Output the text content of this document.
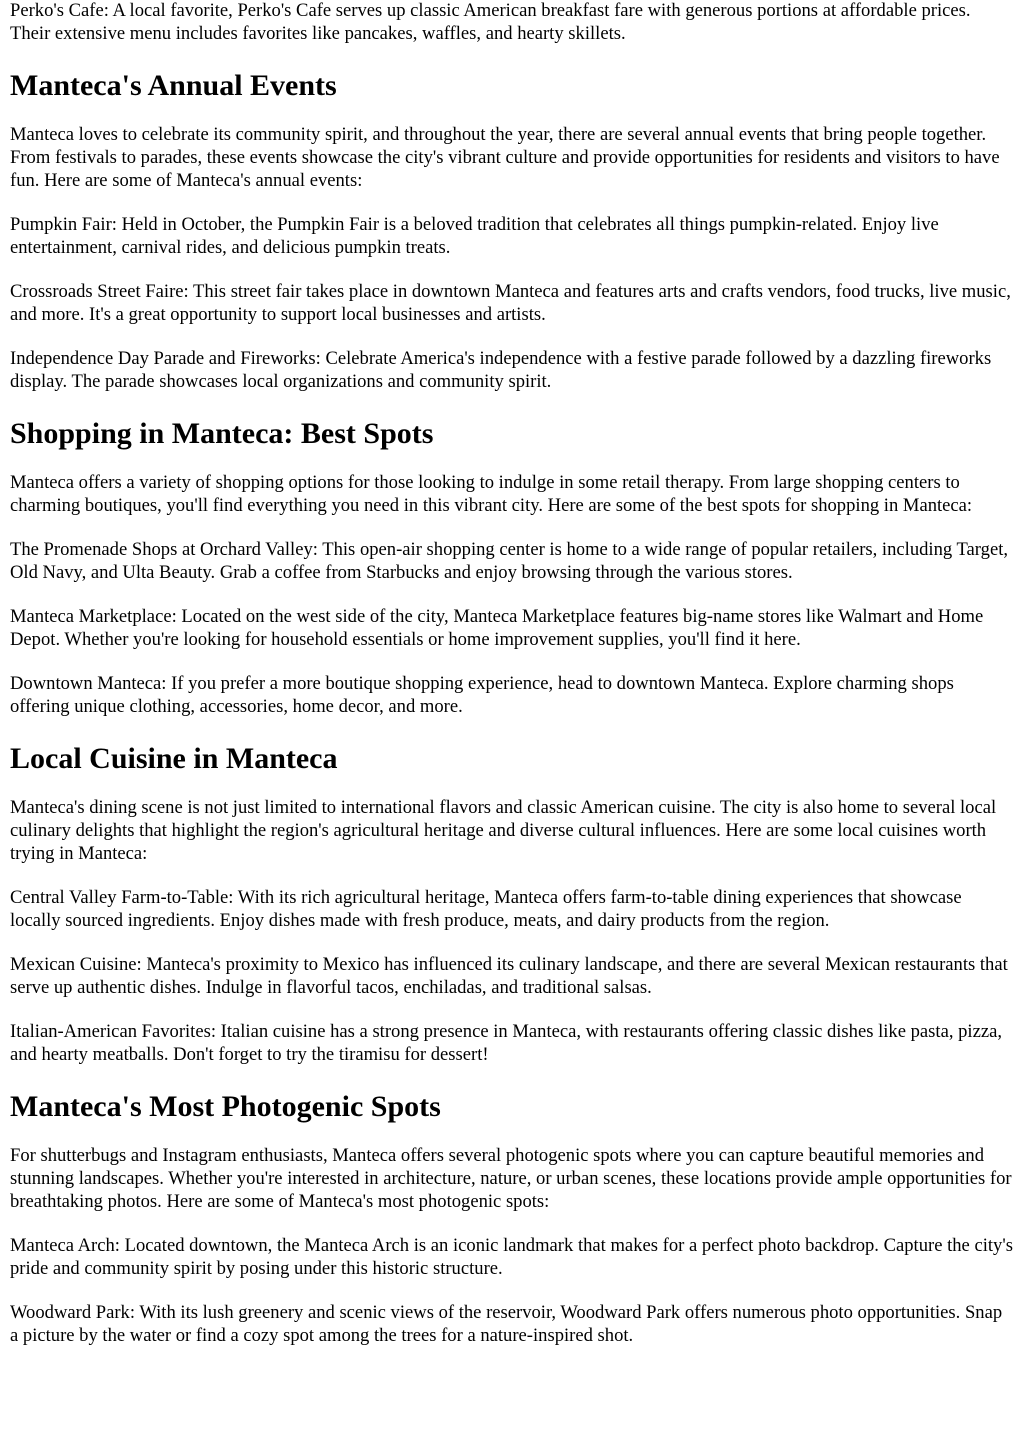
Perko's Cafe: A local favorite, Perko's Cafe serves up classic American breakfast fare with generous portions at affordable prices. Their extensive menu includes favorites like pancakes, waffles, and hearty skillets.

Manteca's Annual Events

Manteca loves to celebrate its community spirit, and throughout the year, there are several annual events that bring people together. From festivals to parades, these events showcase the city's vibrant culture and provide opportunities for residents and visitors to have fun. Here are some of Manteca's annual events:

Pumpkin Fair: Held in October, the Pumpkin Fair is a beloved tradition that celebrates all things pumpkin-related. Enjoy live entertainment, carnival rides, and delicious pumpkin treats.

Crossroads Street Faire: This street fair takes place in downtown Manteca and features arts and crafts vendors, food trucks, live music, and more. It's a great opportunity to support local businesses and artists.

Independence Day Parade and Fireworks: Celebrate America's independence with a festive parade followed by a dazzling fireworks display. The parade showcases local organizations and community spirit.

Shopping in Manteca: Best Spots

Manteca offers a variety of shopping options for those looking to indulge in some retail therapy. From large shopping centers to charming boutiques, you'll find everything you need in this vibrant city. Here are some of the best spots for shopping in Manteca:

The Promenade Shops at Orchard Valley: This open-air shopping center is home to a wide range of popular retailers, including Target, Old Navy, and Ulta Beauty. Grab a coffee from Starbucks and enjoy browsing through the various stores.

Manteca Marketplace: Located on the west side of the city, Manteca Marketplace features big-name stores like Walmart and Home Depot. Whether you're looking for household essentials or home improvement supplies, you'll find it here.

Downtown Manteca: If you prefer a more boutique shopping experience, head to downtown Manteca. Explore charming shops offering unique clothing, accessories, home decor, and more.

Local Cuisine in Manteca

Manteca's dining scene is not just limited to international flavors and classic American cuisine. The city is also home to several local culinary delights that highlight the region's agricultural heritage and diverse cultural influences. Here are some local cuisines worth trying in Manteca:

Central Valley Farm-to-Table: With its rich agricultural heritage, Manteca offers farm-to-table dining experiences that showcase locally sourced ingredients. Enjoy dishes made with fresh produce, meats, and dairy products from the region.

Mexican Cuisine: Manteca's proximity to Mexico has influenced its culinary landscape, and there are several Mexican restaurants that serve up authentic dishes. Indulge in flavorful tacos, enchiladas, and traditional salsas.

Italian-American Favorites: Italian cuisine has a strong presence in Manteca, with restaurants offering classic dishes like pasta, pizza, and hearty meatballs. Don't forget to try the tiramisu for dessert!

Manteca's Most Photogenic Spots

For shutterbugs and Instagram enthusiasts, Manteca offers several photogenic spots where you can capture beautiful memories and stunning landscapes. Whether you're interested in architecture, nature, or urban scenes, these locations provide ample opportunities for breathtaking photos. Here are some of Manteca's most photogenic spots:

Manteca Arch: Located downtown, the Manteca Arch is an iconic landmark that makes for a perfect photo backdrop. Capture the city's pride and community spirit by posing under this historic structure.

Woodward Park: With its lush greenery and scenic views of the reservoir, Woodward Park offers numerous photo opportunities. Snap a picture by the water or find a cozy spot among the trees for a nature-inspired shot.
